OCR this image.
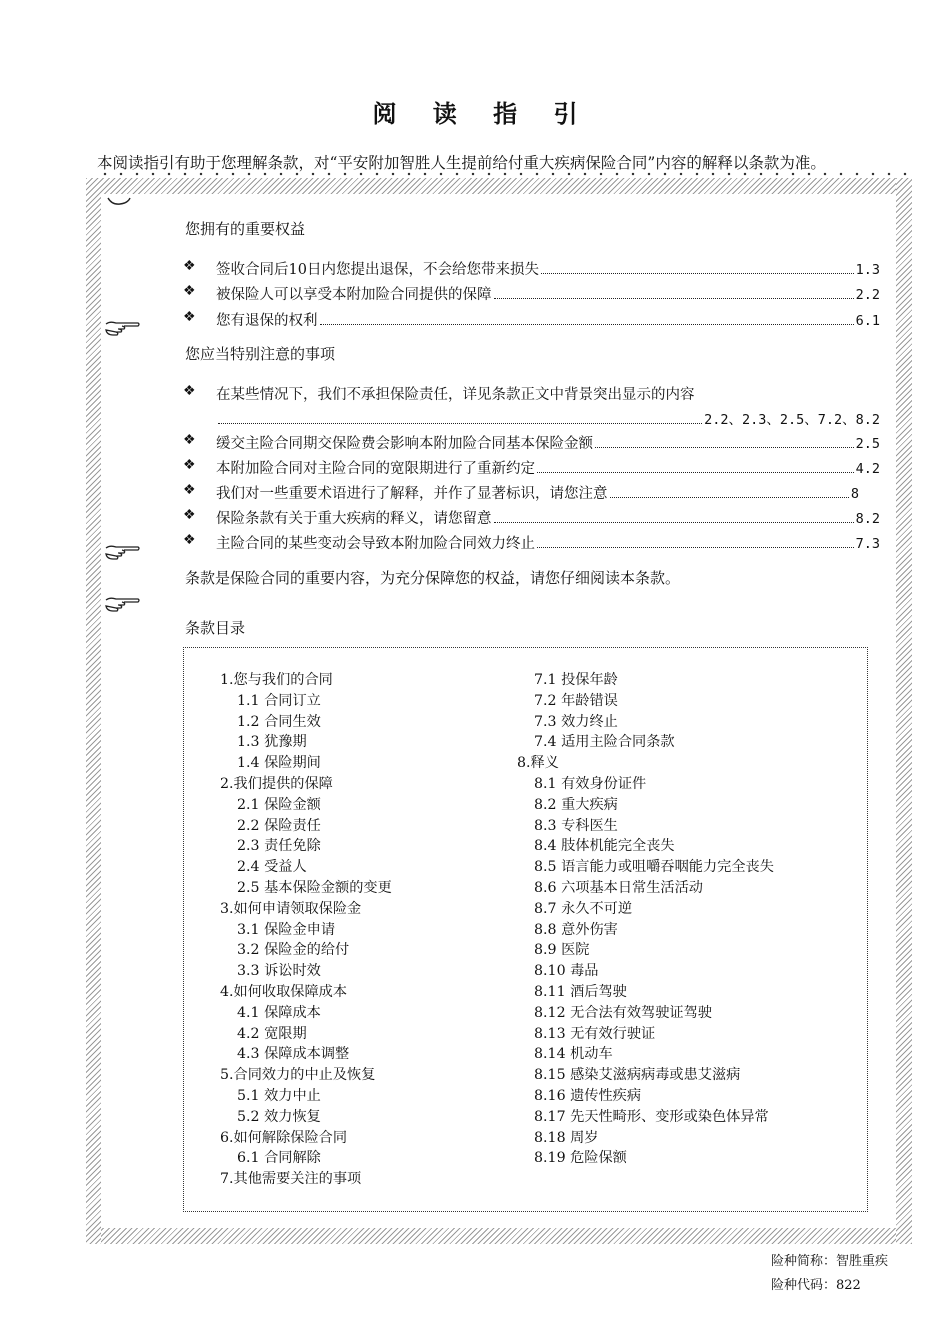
阅 读 指 引
本阅读指引有助于您理解条款，对“平安附加智胜人生提前给付重大疾病保险合同”内容的解释以条款为准。
您拥有的重要权益
❖ 签收合同后10日内您提出退保，不会给您带来损失	1.3
❖ 被保险人可以享受本附加险合同提供的保障	2.2
❖ 您有退保的权利	6.1
您应当特别注意的事项
❖ 在某些情况下，我们不承担保险责任，详见条款正文中背景突出显示的内容
2.2、2.3、2.5、7.2、8.2
❖ 缓交主险合同期交保险费会影响本附加险合同基本保险金额	2.5
❖ 本附加险合同对主险合同的宽限期进行了重新约定	4.2
❖ 我们对一些重要术语进行了解释，并作了显著标识，请您注意	8
❖ 保险条款有关于重大疾病的释义，请您留意	8.2
❖ 主险合同的某些变动会导致本附加险合同效力终止	7.3
条款是保险合同的重要内容，为充分保障您的权益，请您仔细阅读本条款。
条款目录
1.您与我们的合同
1.1 合同订立
1.2 合同生效
1.3 犹豫期
1.4 保险期间
2.我们提供的保障
2.1 保险金额
2.2 保险责任
2.3 责任免除
2.4 受益人
2.5 基本保险金额的变更
3.如何申请领取保险金
3.1 保险金申请
3.2 保险金的给付
3.3 诉讼时效
4.如何收取保障成本
4.1 保障成本
4.2 宽限期
4.3 保障成本调整
5.合同效力的中止及恢复
5.1 效力中止
5.2 效力恢复
6.如何解除保险合同
6.1 合同解除
7.其他需要关注的事项
7.1 投保年龄
7.2 年龄错误
7.3 效力终止
7.4 适用主险合同条款
8.释义
8.1 有效身份证件
8.2 重大疾病
8.3 专科医生
8.4 肢体机能完全丧失
8.5 语言能力或咀嚼吞咽能力完全丧失
8.6 六项基本日常生活活动
8.7 永久不可逆
8.8 意外伤害
8.9 医院
8.10 毒品
8.11 酒后驾驶
8.12 无合法有效驾驶证驾驶
8.13 无有效行驶证
8.14 机动车
8.15 感染艾滋病病毒或患艾滋病
8.16 遗传性疾病
8.17 先天性畸形、变形或染色体异常
8.18 周岁
8.19 危险保额
险种简称：智胜重疾
险种代码：822
